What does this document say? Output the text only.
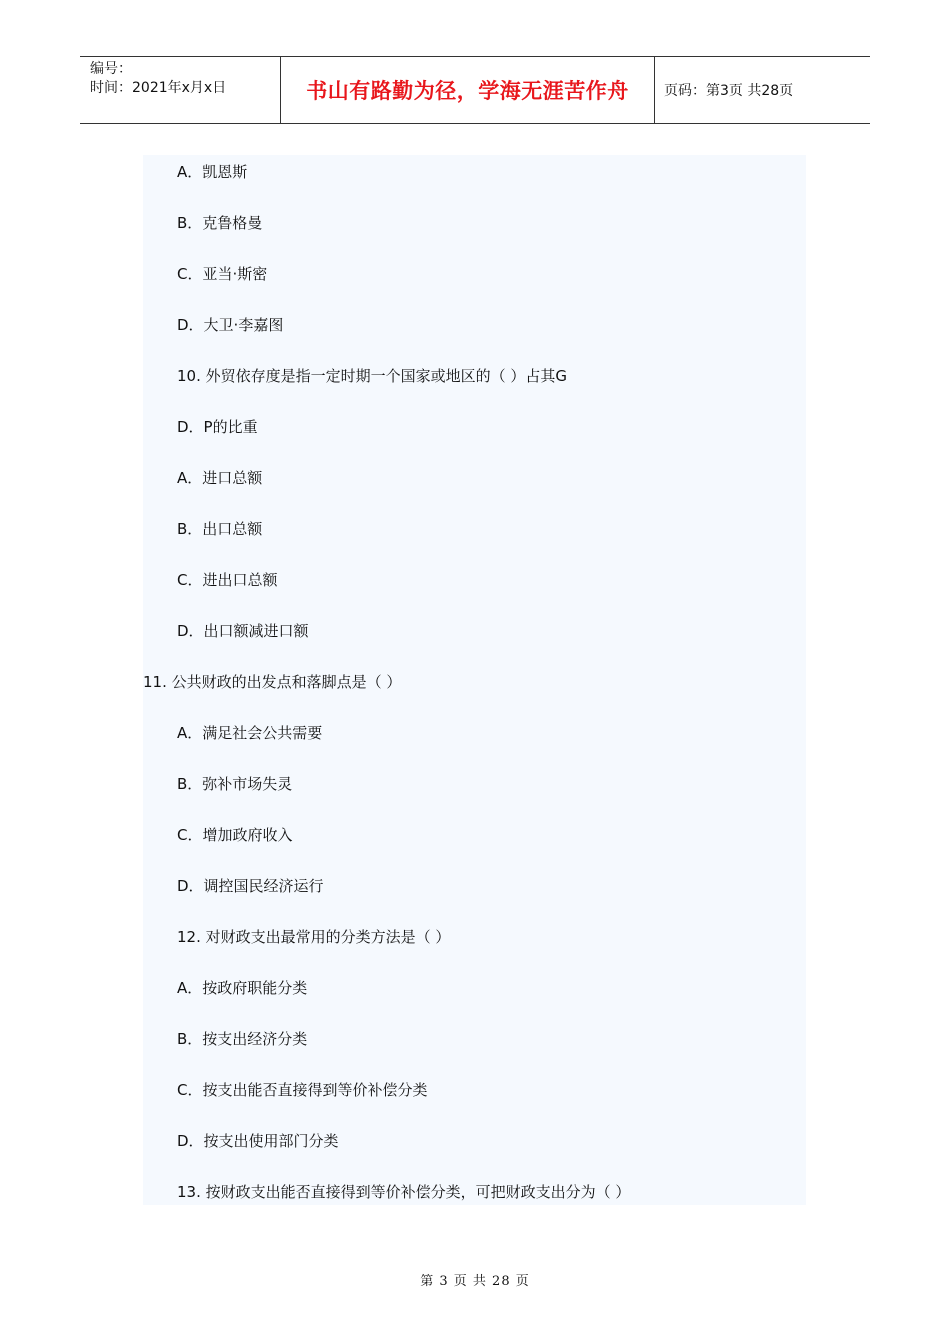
编号：
时间：2021年x月x日	书山有路勤为径，学海无涯苦作舟	页码：第3页 共28页
A．凯恩斯
B．克鲁格曼
C．亚当·斯密
D．大卫·李嘉图
10. 外贸依存度是指一定时期一个国家或地区的（ ）占其G
D．P的比重
A．进口总额
B．出口总额
C．进出口总额
D．出口额减进口额
11. 公共财政的出发点和落脚点是（ ）
A．满足社会公共需要
B．弥补市场失灵
C．增加政府收入
D．调控国民经济运行
12. 对财政支出最常用的分类方法是（ ）
A．按政府职能分类
B．按支出经济分类
C．按支出能否直接得到等价补偿分类
D．按支出使用部门分类
13. 按财政支出能否直接得到等价补偿分类，可把财政支出分为（ ）
第 3 页 共 28 页
